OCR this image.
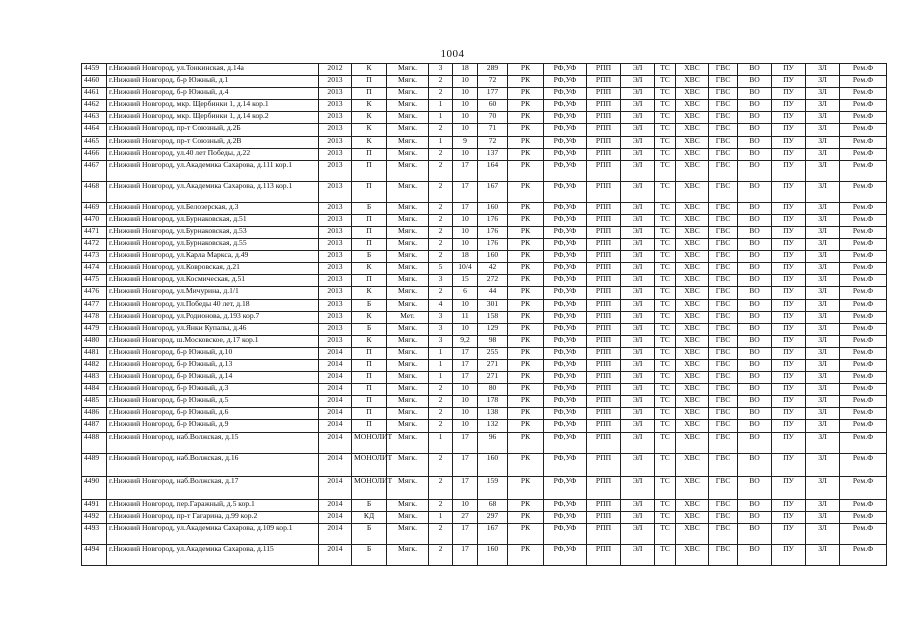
1004
4459	г.Нижний Новгород, ул.Тонкинская, д.14а	2012	К	Мягк.	3	18	289	РК	РФ,УФ	РПП	ЭЛ	ТС	ХВС	ГВС	ВО	ПУ	ЗЛ	Рем.Ф
4460	г.Нижний Новгород, б-р Южный, д.1	2013	П	Мягк.	2	10	72	РК	РФ,УФ	РПП	ЭЛ	ТС	ХВС	ГВС	ВО	ПУ	ЗЛ	Рем.Ф
4461	г.Нижний Новгород, б-р Южный, д.4	2013	П	Мягк.	2	10	177	РК	РФ,УФ	РПП	ЭЛ	ТС	ХВС	ГВС	ВО	ПУ	ЗЛ	Рем.Ф
4462	г.Нижний Новгород, мкр. Щербинки 1, д.14 кор.1	2013	К	Мягк.	1	10	60	РК	РФ,УФ	РПП	ЭЛ	ТС	ХВС	ГВС	ВО	ПУ	ЗЛ	Рем.Ф
4463	г.Нижний Новгород, мкр. Щербинки 1, д.14 кор.2	2013	К	Мягк.	1	10	70	РК	РФ,УФ	РПП	ЭЛ	ТС	ХВС	ГВС	ВО	ПУ	ЗЛ	Рем.Ф
4464	г.Нижний Новгород, пр-т Союзный, д.2Б	2013	К	Мягк.	2	10	71	РК	РФ,УФ	РПП	ЭЛ	ТС	ХВС	ГВС	ВО	ПУ	ЗЛ	Рем.Ф
4465	г.Нижний Новгород, пр-т Союзный, д.2В	2013	К	Мягк.	1	9	72	РК	РФ,УФ	РПП	ЭЛ	ТС	ХВС	ГВС	ВО	ПУ	ЗЛ	Рем.Ф
4466	г.Нижний Новгород, ул.40 лет Победы, д.22	2013	П	Мягк.	2	10	137	РК	РФ,УФ	РПП	ЭЛ	ТС	ХВС	ГВС	ВО	ПУ	ЗЛ	Рем.Ф
4467	г.Нижний Новгород, ул.Академика Сахарова, д.111 кор.1	2013	П	Мягк.	2	17	164	РК	РФ,УФ	РПП	ЭЛ	ТС	ХВС	ГВС	ВО	ПУ	ЗЛ	Рем.Ф
4468	г.Нижний Новгород, ул.Академика Сахарова, д.113 кор.1	2013	П	Мягк.	2	17	167	РК	РФ,УФ	РПП	ЭЛ	ТС	ХВС	ГВС	ВО	ПУ	ЗЛ	Рем.Ф
4469	г.Нижний Новгород, ул.Белозерская, д.3	2013	Б	Мягк.	2	17	160	РК	РФ,УФ	РПП	ЭЛ	ТС	ХВС	ГВС	ВО	ПУ	ЗЛ	Рем.Ф
4470	г.Нижний Новгород, ул.Бурнаковская, д.51	2013	П	Мягк.	2	10	176	РК	РФ,УФ	РПП	ЭЛ	ТС	ХВС	ГВС	ВО	ПУ	ЗЛ	Рем.Ф
4471	г.Нижний Новгород, ул.Бурнаковская, д.53	2013	П	Мягк.	2	10	176	РК	РФ,УФ	РПП	ЭЛ	ТС	ХВС	ГВС	ВО	ПУ	ЗЛ	Рем.Ф
4472	г.Нижний Новгород, ул.Бурнаковская, д.55	2013	П	Мягк.	2	10	176	РК	РФ,УФ	РПП	ЭЛ	ТС	ХВС	ГВС	ВО	ПУ	ЗЛ	Рем.Ф
4473	г.Нижний Новгород, ул.Карла Маркса, д.49	2013	Б	Мягк.	2	18	160	РК	РФ,УФ	РПП	ЭЛ	ТС	ХВС	ГВС	ВО	ПУ	ЗЛ	Рем.Ф
4474	г.Нижний Новгород, ул.Ковровская, д.21	2013	К	Мягк.	5	10/4	42	РК	РФ,УФ	РПП	ЭЛ	ТС	ХВС	ГВС	ВО	ПУ	ЗЛ	Рем.Ф
4475	г.Нижний Новгород, ул.Космическая, д.51	2013	П	Мягк.	3	15	272	РК	РФ,УФ	РПП	ЭЛ	ТС	ХВС	ГВС	ВО	ПУ	ЗЛ	Рем.Ф
4476	г.Нижний Новгород, ул.Мичурина, д.1/1	2013	К	Мягк.	2	6	44	РК	РФ,УФ	РПП	ЭЛ	ТС	ХВС	ГВС	ВО	ПУ	ЗЛ	Рем.Ф
4477	г.Нижний Новгород, ул.Победы 40 лет, д.18	2013	Б	Мягк.	4	10	301	РК	РФ,УФ	РПП	ЭЛ	ТС	ХВС	ГВС	ВО	ПУ	ЗЛ	Рем.Ф
4478	г.Нижний Новгород, ул.Родионова, д.193 кор.7	2013	К	Мет.	3	11	158	РК	РФ,УФ	РПП	ЭЛ	ТС	ХВС	ГВС	ВО	ПУ	ЗЛ	Рем.Ф
4479	г.Нижний Новгород, ул.Янки Купалы, д.46	2013	Б	Мягк.	3	10	129	РК	РФ,УФ	РПП	ЭЛ	ТС	ХВС	ГВС	ВО	ПУ	ЗЛ	Рем.Ф
4480	г.Нижний Новгород, ш.Московское, д.17 кор.1	2013	К	Мягк.	3	9,2	98	РК	РФ,УФ	РПП	ЭЛ	ТС	ХВС	ГВС	ВО	ПУ	ЗЛ	Рем.Ф
4481	г.Нижний Новгород, б-р Южный, д.10	2014	П	Мягк.	1	17	255	РК	РФ,УФ	РПП	ЭЛ	ТС	ХВС	ГВС	ВО	ПУ	ЗЛ	Рем.Ф
4482	г.Нижний Новгород, б-р Южный, д.13	2014	П	Мягк.	1	17	271	РК	РФ,УФ	РПП	ЭЛ	ТС	ХВС	ГВС	ВО	ПУ	ЗЛ	Рем.Ф
4483	г.Нижний Новгород, б-р Южный, д.14	2014	П	Мягк.	1	17	271	РК	РФ,УФ	РПП	ЭЛ	ТС	ХВС	ГВС	ВО	ПУ	ЗЛ	Рем.Ф
4484	г.Нижний Новгород, б-р Южный, д.3	2014	П	Мягк.	2	10	80	РК	РФ,УФ	РПП	ЭЛ	ТС	ХВС	ГВС	ВО	ПУ	ЗЛ	Рем.Ф
4485	г.Нижний Новгород, б-р Южный, д.5	2014	П	Мягк.	2	10	178	РК	РФ,УФ	РПП	ЭЛ	ТС	ХВС	ГВС	ВО	ПУ	ЗЛ	Рем.Ф
4486	г.Нижний Новгород, б-р Южный, д.6	2014	П	Мягк.	2	10	138	РК	РФ,УФ	РПП	ЭЛ	ТС	ХВС	ГВС	ВО	ПУ	ЗЛ	Рем.Ф
4487	г.Нижний Новгород, б-р Южный, д.9	2014	П	Мягк.	2	10	132	РК	РФ,УФ	РПП	ЭЛ	ТС	ХВС	ГВС	ВО	ПУ	ЗЛ	Рем.Ф
4488	г.Нижний Новгород, наб.Волжская, д.15	2014	МОНОЛИТ	Мягк.	1	17	96	РК	РФ,УФ	РПП	ЭЛ	ТС	ХВС	ГВС	ВО	ПУ	ЗЛ	Рем.Ф
4489	г.Нижний Новгород, наб.Волжская, д.16	2014	МОНОЛИТ	Мягк.	2	17	160	РК	РФ,УФ	РПП	ЭЛ	ТС	ХВС	ГВС	ВО	ПУ	ЗЛ	Рем.Ф
4490	г.Нижний Новгород, наб.Волжская, д.17	2014	МОНОЛИТ	Мягк.	2	17	159	РК	РФ,УФ	РПП	ЭЛ	ТС	ХВС	ГВС	ВО	ПУ	ЗЛ	Рем.Ф
4491	г.Нижний Новгород, пер.Гаражный, д.5 кор.1	2014	Б	Мягк.	2	10	68	РК	РФ,УФ	РПП	ЭЛ	ТС	ХВС	ГВС	ВО	ПУ	ЗЛ	Рем.Ф
4492	г.Нижний Новгород, пр-т Гагарина, д.99 кор.2	2014	КД	Мягк.	1	27	297	РК	РФ,УФ	РПП	ЭЛ	ТС	ХВС	ГВС	ВО	ПУ	ЗЛ	Рем.Ф
4493	г.Нижний Новгород, ул.Академика Сахарова, д.109 кор.1	2014	Б	Мягк.	2	17	167	РК	РФ,УФ	РПП	ЭЛ	ТС	ХВС	ГВС	ВО	ПУ	ЗЛ	Рем.Ф
4494	г.Нижний Новгород, ул.Академика Сахарова, д.115	2014	Б	Мягк.	2	17	160	РК	РФ,УФ	РПП	ЭЛ	ТС	ХВС	ГВС	ВО	ПУ	ЗЛ	Рем.Ф
